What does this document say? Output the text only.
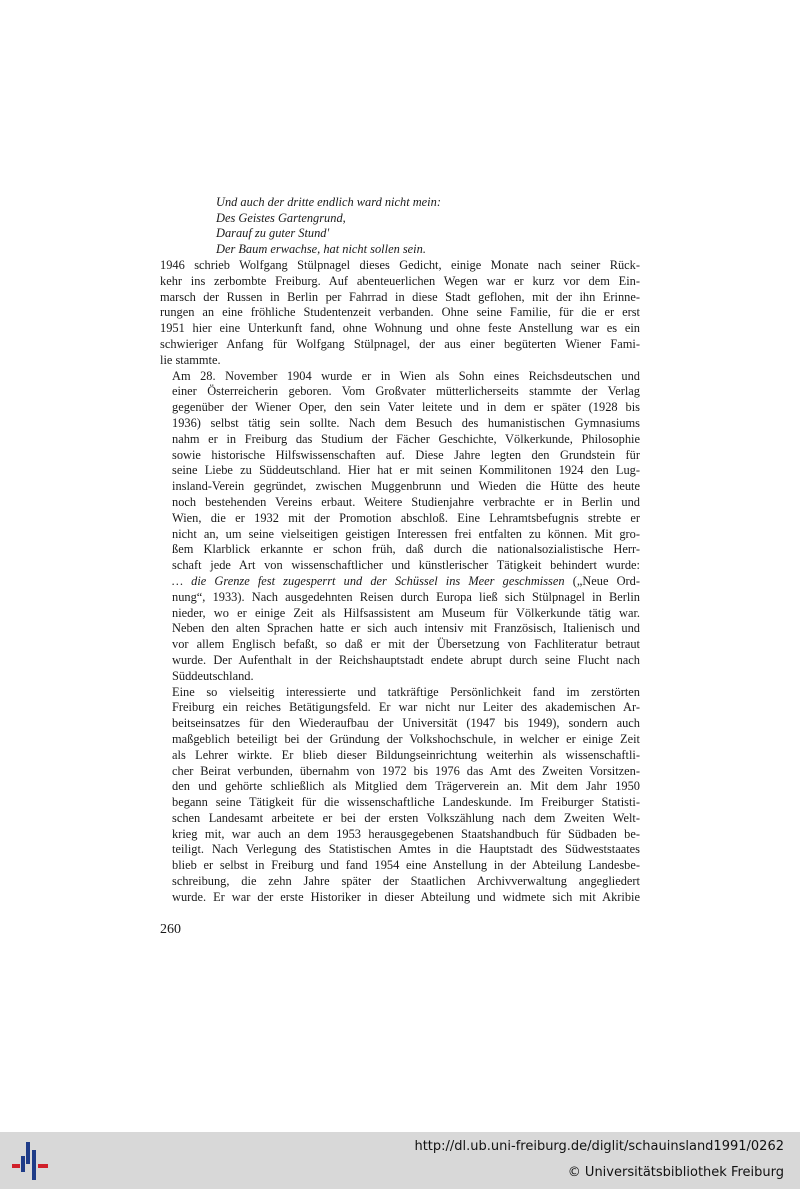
Und auch der dritte endlich ward nicht mein:
Des Geistes Gartengrund,
Darauf zu guter Stund'
Der Baum erwachse, hat nicht sollen sein.

1946 schrieb Wolfgang Stülpnagel dieses Gedicht, einige Monate nach seiner Rück-
kehr ins zerbombte Freiburg. Auf abenteuerlichen Wegen war er kurz vor dem Ein-
marsch der Russen in Berlin per Fahrrad in diese Stadt geflohen, mit der ihn Erinne-
rungen an eine fröhliche Studentenzeit verbanden. Ohne seine Familie, für die er erst
1951 hier eine Unterkunft fand, ohne Wohnung und ohne feste Anstellung war es ein
schwieriger Anfang für Wolfgang Stülpnagel, der aus einer begüterten Wiener Fami-
lie stammte.

Am 28. November 1904 wurde er in Wien als Sohn eines Reichsdeutschen und
einer Österreicherin geboren. Vom Großvater mütterlicherseits stammte der Verlag
gegenüber der Wiener Oper, den sein Vater leitete und in dem er später (1928 bis
1936) selbst tätig sein sollte. Nach dem Besuch des humanistischen Gymnasiums
nahm er in Freiburg das Studium der Fächer Geschichte, Völkerkunde, Philosophie
sowie historische Hilfswissenschaften auf. Diese Jahre legten den Grundstein für
seine Liebe zu Süddeutschland. Hier hat er mit seinen Kommilitonen 1924 den Lug-
insland-Verein gegründet, zwischen Muggenbrunn und Wieden die Hütte des heute
noch bestehenden Vereins erbaut. Weitere Studienjahre verbrachte er in Berlin und
Wien, die er 1932 mit der Promotion abschloß. Eine Lehramtsbefugnis strebte er
nicht an, um seine vielseitigen geistigen Interessen frei entfalten zu können. Mit gro-
ßem Klarblick erkannte er schon früh, daß durch die nationalsozialistische Herr-
schaft jede Art von wissenschaftlicher und künstlerischer Tätigkeit behindert wurde:
… die Grenze fest zugesperrt und der Schüssel ins Meer geschmissen („Neue Ord-
nung“, 1933). Nach ausgedehnten Reisen durch Europa ließ sich Stülpnagel in Berlin
nieder, wo er einige Zeit als Hilfsassistent am Museum für Völkerkunde tätig war.
Neben den alten Sprachen hatte er sich auch intensiv mit Französisch, Italienisch und
vor allem Englisch befaßt, so daß er mit der Übersetzung von Fachliteratur betraut
wurde. Der Aufenthalt in der Reichshauptstadt endete abrupt durch seine Flucht nach
Süddeutschland.

Eine so vielseitig interessierte und tatkräftige Persönlichkeit fand im zerstörten
Freiburg ein reiches Betätigungsfeld. Er war nicht nur Leiter des akademischen Ar-
beitseinsatzes für den Wiederaufbau der Universität (1947 bis 1949), sondern auch
maßgeblich beteiligt bei der Gründung der Volkshochschule, in welcher er einige Zeit
als Lehrer wirkte. Er blieb dieser Bildungseinrichtung weiterhin als wissenschaftli-
cher Beirat verbunden, übernahm von 1972 bis 1976 das Amt des Zweiten Vorsitzen-
den und gehörte schließlich als Mitglied dem Trägerverein an. Mit dem Jahr 1950
begann seine Tätigkeit für die wissenschaftliche Landeskunde. Im Freiburger Statisti-
schen Landesamt arbeitete er bei der ersten Volkszählung nach dem Zweiten Welt-
krieg mit, war auch an dem 1953 herausgegebenen Staatshandbuch für Südbaden be-
teiligt. Nach Verlegung des Statistischen Amtes in die Hauptstadt des Südweststaates
blieb er selbst in Freiburg und fand 1954 eine Anstellung in der Abteilung Landesbe-
schreibung, die zehn Jahre später der Staatlichen Archivverwaltung angegliedert
wurde. Er war der erste Historiker in dieser Abteilung und widmete sich mit Akribie

260
http://dl.ub.uni-freiburg.de/diglit/schauinsland1991/0262
© Universitätsbibliothek Freiburg
